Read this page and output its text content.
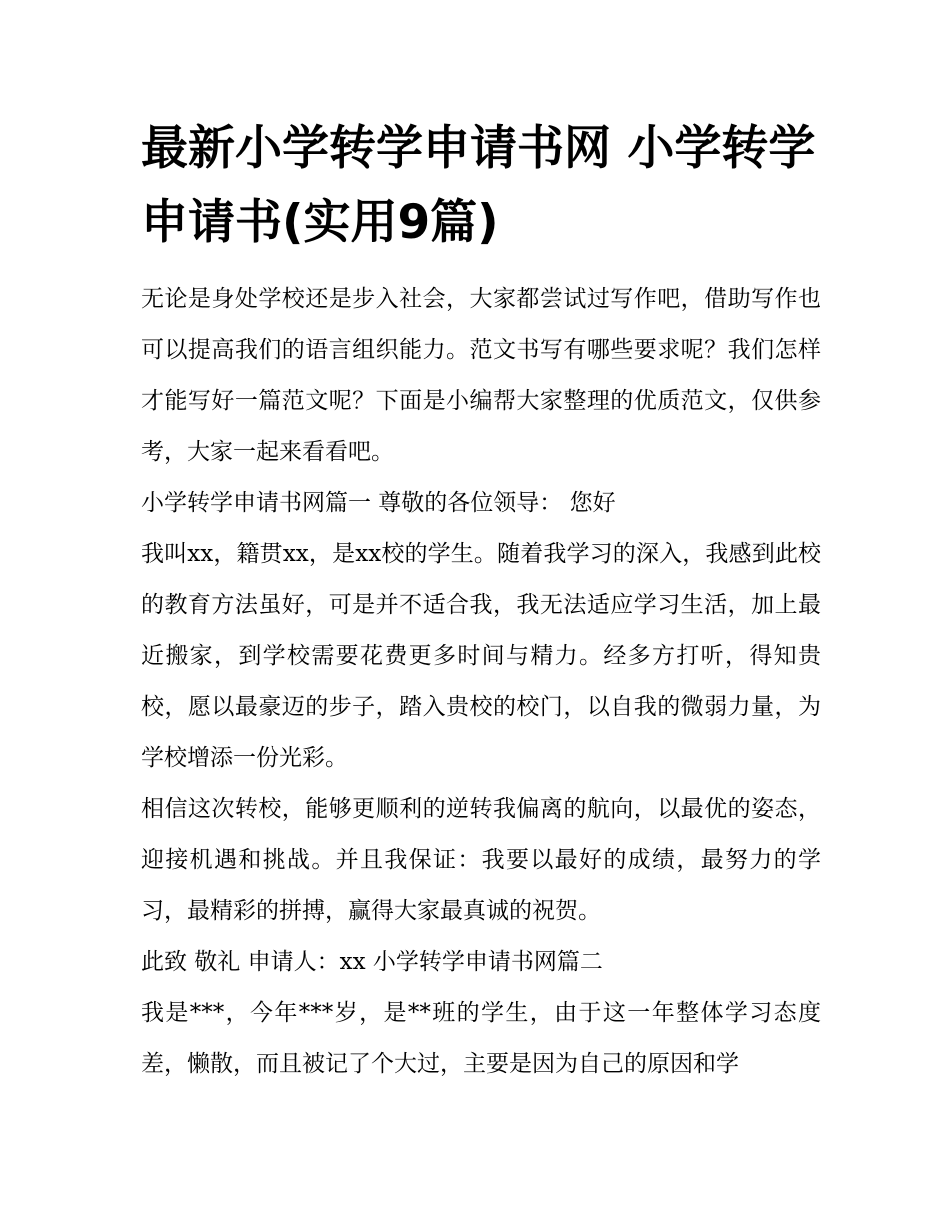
最新小学转学申请书网 小学转学申请书(实用9篇)

无论是身处学校还是步入社会，大家都尝试过写作吧，借助写作也可以提高我们的语言组织能力。范文书写有哪些要求呢？我们怎样才能写好一篇范文呢？下面是小编帮大家整理的优质范文，仅供参考，大家一起来看看吧。

小学转学申请书网篇一 尊敬的各位领导： 您好

我叫xx，籍贯xx，是xx校的学生。随着我学习的深入，我感到此校的教育方法虽好，可是并不适合我，我无法适应学习生活，加上最近搬家，到学校需要花费更多时间与精力。经多方打听，得知贵校，愿以最豪迈的步子，踏入贵校的校门，以自我的微弱力量，为学校增添一份光彩。

相信这次转校，能够更顺利的逆转我偏离的航向，以最优的姿态，迎接机遇和挑战。并且我保证：我要以最好的成绩，最努力的学习，最精彩的拼搏，赢得大家最真诚的祝贺。

此致 敬礼 申请人：xx 小学转学申请书网篇二

我是***，今年***岁，是**班的学生，由于这一年整体学习态度差，懒散，而且被记了个大过，主要是因为自己的原因和学
